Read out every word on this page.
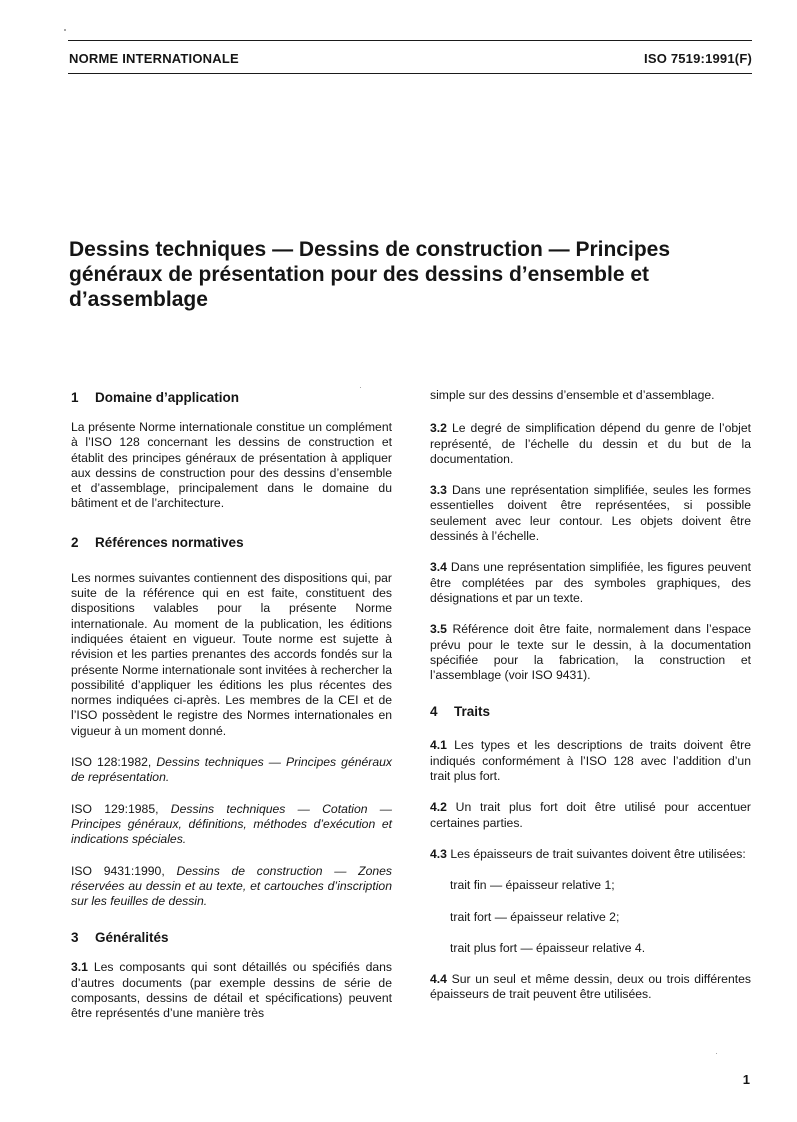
NORME INTERNATIONALE	ISO 7519:1991(F)
Dessins techniques — Dessins de construction — Principes généraux de présentation pour des dessins d’ensemble et d’assemblage
1 Domaine d’application

La présente Norme internationale constitue un complément à l’ISO 128 concernant les dessins de construction et établit des principes généraux de présentation à appliquer aux dessins de construction pour des dessins d’ensemble et d’assemblage, principalement dans le domaine du bâtiment et de l’architecture.

2 Références normatives

Les normes suivantes contiennent des dispositions qui, par suite de la référence qui en est faite, constituent des dispositions valables pour la présente Norme internationale. Au moment de la publication, les éditions indiquées étaient en vigueur. Toute norme est sujette à révision et les parties prenantes des accords fondés sur la présente Norme internationale sont invitées à rechercher la possibilité d’appliquer les éditions les plus récentes des normes indiquées ci-après. Les membres de la CEI et de l’ISO possèdent le registre des Normes internationales en vigueur à un moment donné.

ISO 128:1982, Dessins techniques — Principes généraux de représentation.

ISO 129:1985, Dessins techniques — Cotation — Principes généraux, définitions, méthodes d’exécution et indications spéciales.

ISO 9431:1990, Dessins de construction — Zones réservées au dessin et au texte, et cartouches d’inscription sur les feuilles de dessin.

3 Généralités

3.1 Les composants qui sont détaillés ou spécifiés dans d’autres documents (par exemple dessins de série de composants, dessins de détail et spécifications) peuvent être représentés d’une manière très

simple sur des dessins d’ensemble et d’assemblage.

3.2 Le degré de simplification dépend du genre de l’objet représenté, de l’échelle du dessin et du but de la documentation.

3.3 Dans une représentation simplifiée, seules les formes essentielles doivent être représentées, si possible seulement avec leur contour. Les objets doivent être dessinés à l’échelle.

3.4 Dans une représentation simplifiée, les figures peuvent être complétées par des symboles graphiques, des désignations et par un texte.

3.5 Référence doit être faite, normalement dans l’espace prévu pour le texte sur le dessin, à la documentation spécifiée pour la fabrication, la construction et l’assemblage (voir ISO 9431).

4 Traits

4.1 Les types et les descriptions de traits doivent être indiqués conformément à l’ISO 128 avec l’addition d’un trait plus fort.

4.2 Un trait plus fort doit être utilisé pour accentuer certaines parties.

4.3 Les épaisseurs de trait suivantes doivent être utilisées:

trait fin — épaisseur relative 1;

trait fort — épaisseur relative 2;

trait plus fort — épaisseur relative 4.

4.4 Sur un seul et même dessin, deux ou trois différentes épaisseurs de trait peuvent être utilisées.

1
